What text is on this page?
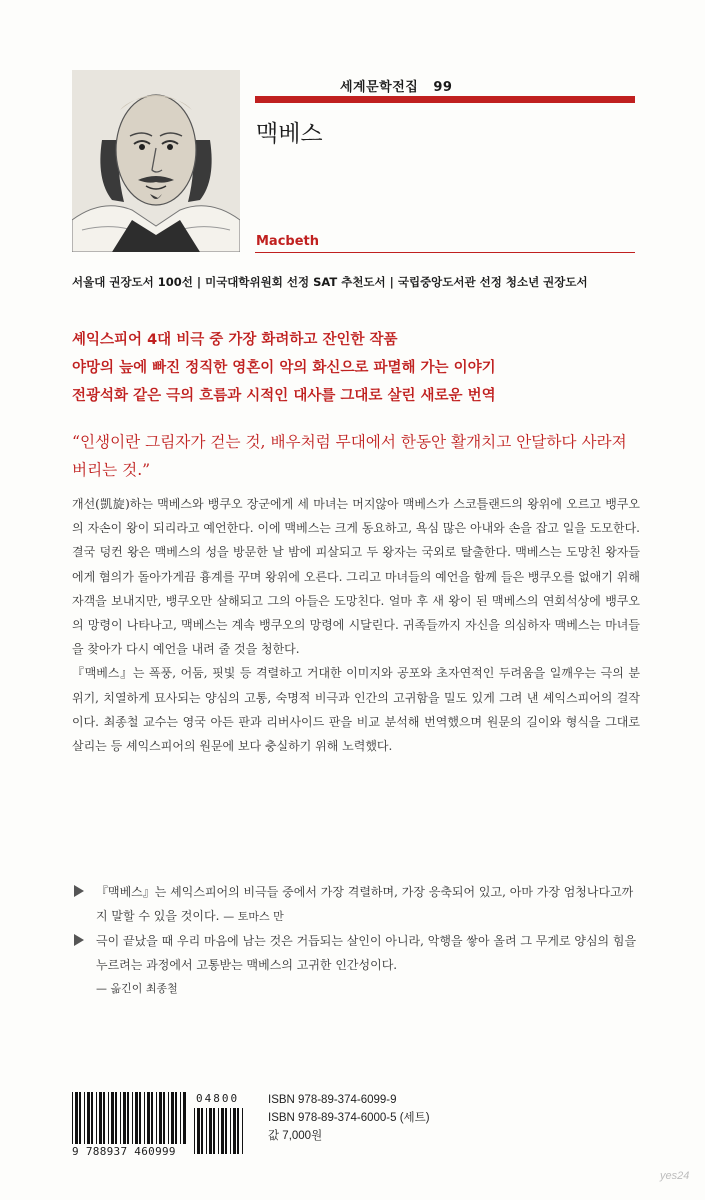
세계문학전집 99
맥베스
Macbeth
서울대 권장도서 100선 | 미국대학위원회 선정 SAT 추천도서 | 국립중앙도서관 선정 청소년 권장도서
셰익스피어 4대 비극 중 가장 화려하고 잔인한 작품
야망의 늪에 빠진 정직한 영혼이 악의 화신으로 파멸해 가는 이야기
전광석화 같은 극의 흐름과 시적인 대사를 그대로 살린 새로운 번역
“인생이란 그림자가 걷는 것, 배우처럼 무대에서 한동안 활개치고 안달하다 사라져 버리는 것.”

개선(凱旋)하는 맥베스와 뱅쿠오 장군에게 세 마녀는 머지않아 맥베스가 스코틀랜드의 왕위에 오르고 뱅쿠오의 자손이 왕이 되리라고 예언한다. 이에 맥베스는 크게 동요하고, 욕심 많은 아내와 손을 잡고 일을 도모한다. 결국 덩컨 왕은 맥베스의 성을 방문한 날 밤에 피살되고 두 왕자는 국외로 탈출한다. 맥베스는 도망친 왕자들에게 혐의가 돌아가게끔 흉계를 꾸며 왕위에 오른다. 그리고 마녀들의 예언을 함께 들은 뱅쿠오를 없애기 위해 자객을 보내지만, 뱅쿠오만 살해되고 그의 아들은 도망친다. 얼마 후 새 왕이 된 맥베스의 연회석상에 뱅쿠오의 망령이 나타나고, 맥베스는 계속 뱅쿠오의 망령에 시달린다. 귀족들까지 자신을 의심하자 맥베스는 마녀들을 찾아가 다시 예언을 내려 줄 것을 청한다.

『맥베스』는 폭풍, 어둠, 핏빛 등 격렬하고 거대한 이미지와 공포와 초자연적인 두려움을 일깨우는 극의 분위기, 치열하게 묘사되는 양심의 고통, 숙명적 비극과 인간의 고귀함을 밀도 있게 그려 낸 셰익스피어의 걸작이다. 최종철 교수는 영국 아든 판과 리버사이드 판을 비교 분석해 번역했으며 원문의 길이와 형식을 그대로 살리는 등 셰익스피어의 원문에 보다 충실하기 위해 노력했다.

『맥베스』는 셰익스피어의 비극들 중에서 가장 격렬하며, 가장 응축되어 있고, 아마 가장 엄청나다고까지 말할 수 있을 것이다. — 토마스 만
극이 끝났을 때 우리 마음에 남는 것은 거듭되는 살인이 아니라, 악행을 쌓아 올려 그 무게로 양심의 힘을 누르려는 과정에서 고통받는 맥베스의 고귀한 인간성이다.
— 옮긴이 최종철
9 788937 460999
04800	ISBN 978-89-374-6099-9
ISBN 978-89-374-6000-5 (세트)
값 7,000원
yes24
